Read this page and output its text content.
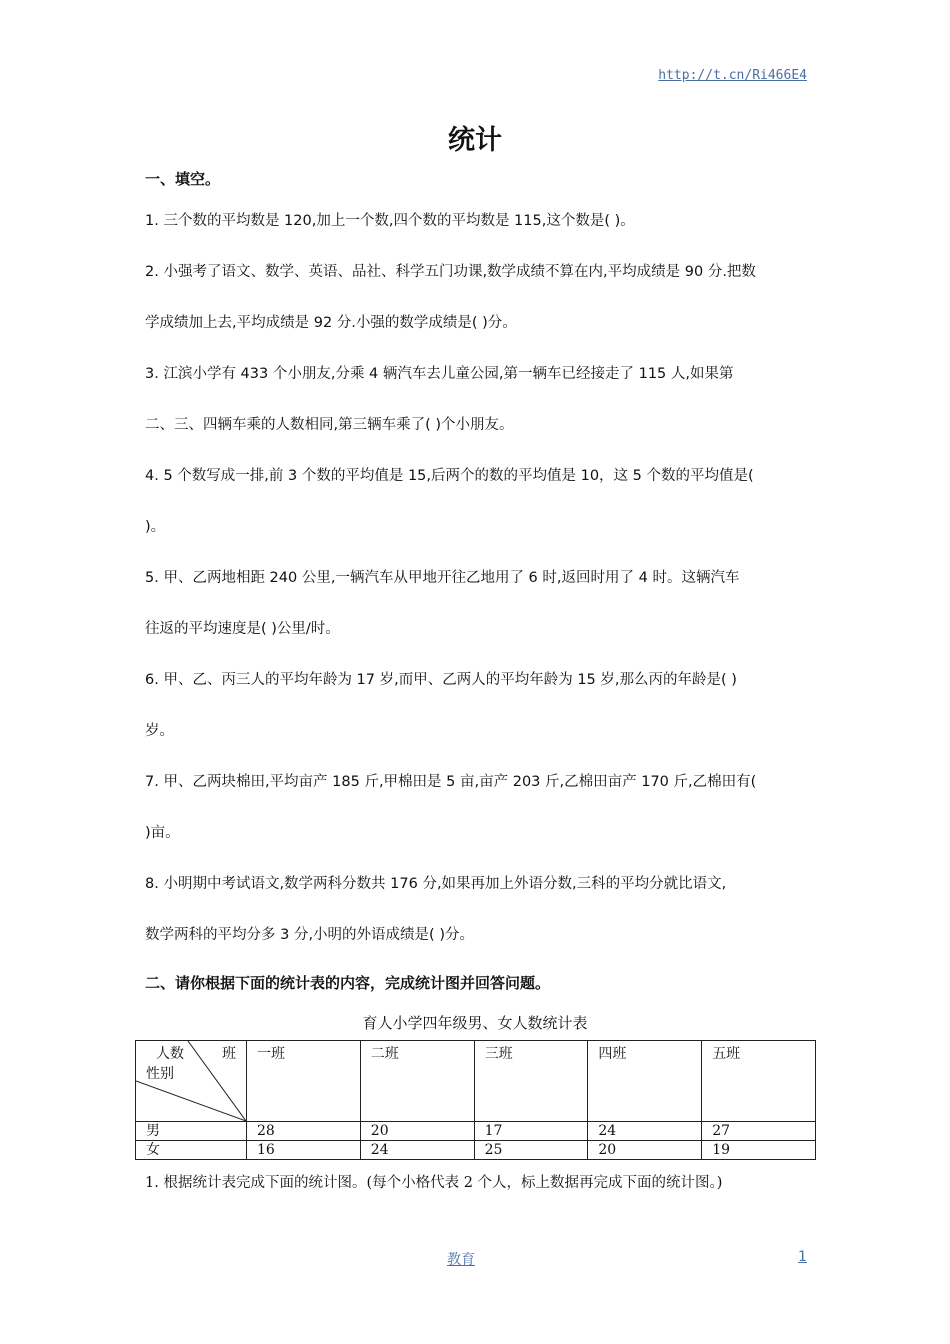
http://t.cn/Ri466E4
统计
一、填空。

1. 三个数的平均数是 120,加上一个数,四个数的平均数是 115,这个数是( )。

2. 小强考了语文、数学、英语、品社、科学五门功课,数学成绩不算在内,平均成绩是 90 分.把数
学成绩加上去,平均成绩是 92 分.小强的数学成绩是( )分。

3. 江滨小学有 433 个小朋友,分乘 4 辆汽车去儿童公园,第一辆车已经接走了 115 人,如果第
二、三、四辆车乘的人数相同,第三辆车乘了( )个小朋友。

4. 5 个数写成一排,前 3 个数的平均值是 15,后两个的数的平均值是 10，这 5 个数的平均值是(
)。

5. 甲、乙两地相距 240 公里,一辆汽车从甲地开往乙地用了 6 时,返回时用了 4 时。这辆汽车
往返的平均速度是( )公里/时。

6. 甲、乙、丙三人的平均年龄为 17 岁,而甲、乙两人的平均年龄为 15 岁,那么丙的年龄是( )
岁。

7. 甲、乙两块棉田,平均亩产 185 斤,甲棉田是 5 亩,亩产 203 斤,乙棉田亩产 170 斤,乙棉田有(
)亩。

8. 小明期中考试语文,数学两科分数共 176 分,如果再加上外语分数,三科的平均分就比语文,
数学两科的平均分多 3 分,小明的外语成绩是( )分。

二、请你根据下面的统计表的内容，完成统计图并回答问题。
育人小学四年级男、女人数统计表
人数 班
性别	一班	二班	三班	四班	五班
男	28	20	17	24	27
女	16	24	25	20	19
1. 根据统计表完成下面的统计图。(每个小格代表 2 个人，标上数据再完成下面的统计图。)
教育	1
